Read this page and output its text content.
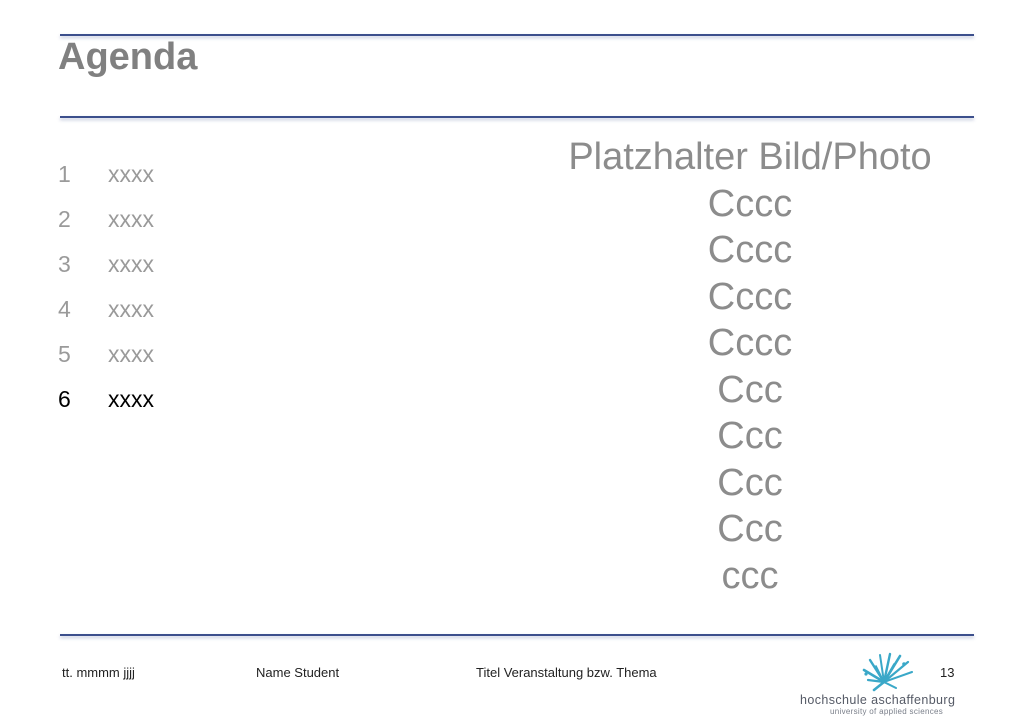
Agenda
1	xxxx
2	xxxx
3	xxxx
4	xxxx
5	xxxx
6	xxxx
Platzhalter Bild/Photo
Cccc
Cccc
Cccc
Cccc
Ccc
Ccc
Ccc
Ccc
ccc
tt. mmmm jjjj	Name Student	Titel Veranstaltung bzw. Thema	13
hochschule aschaffenburg
university of applied sciences
